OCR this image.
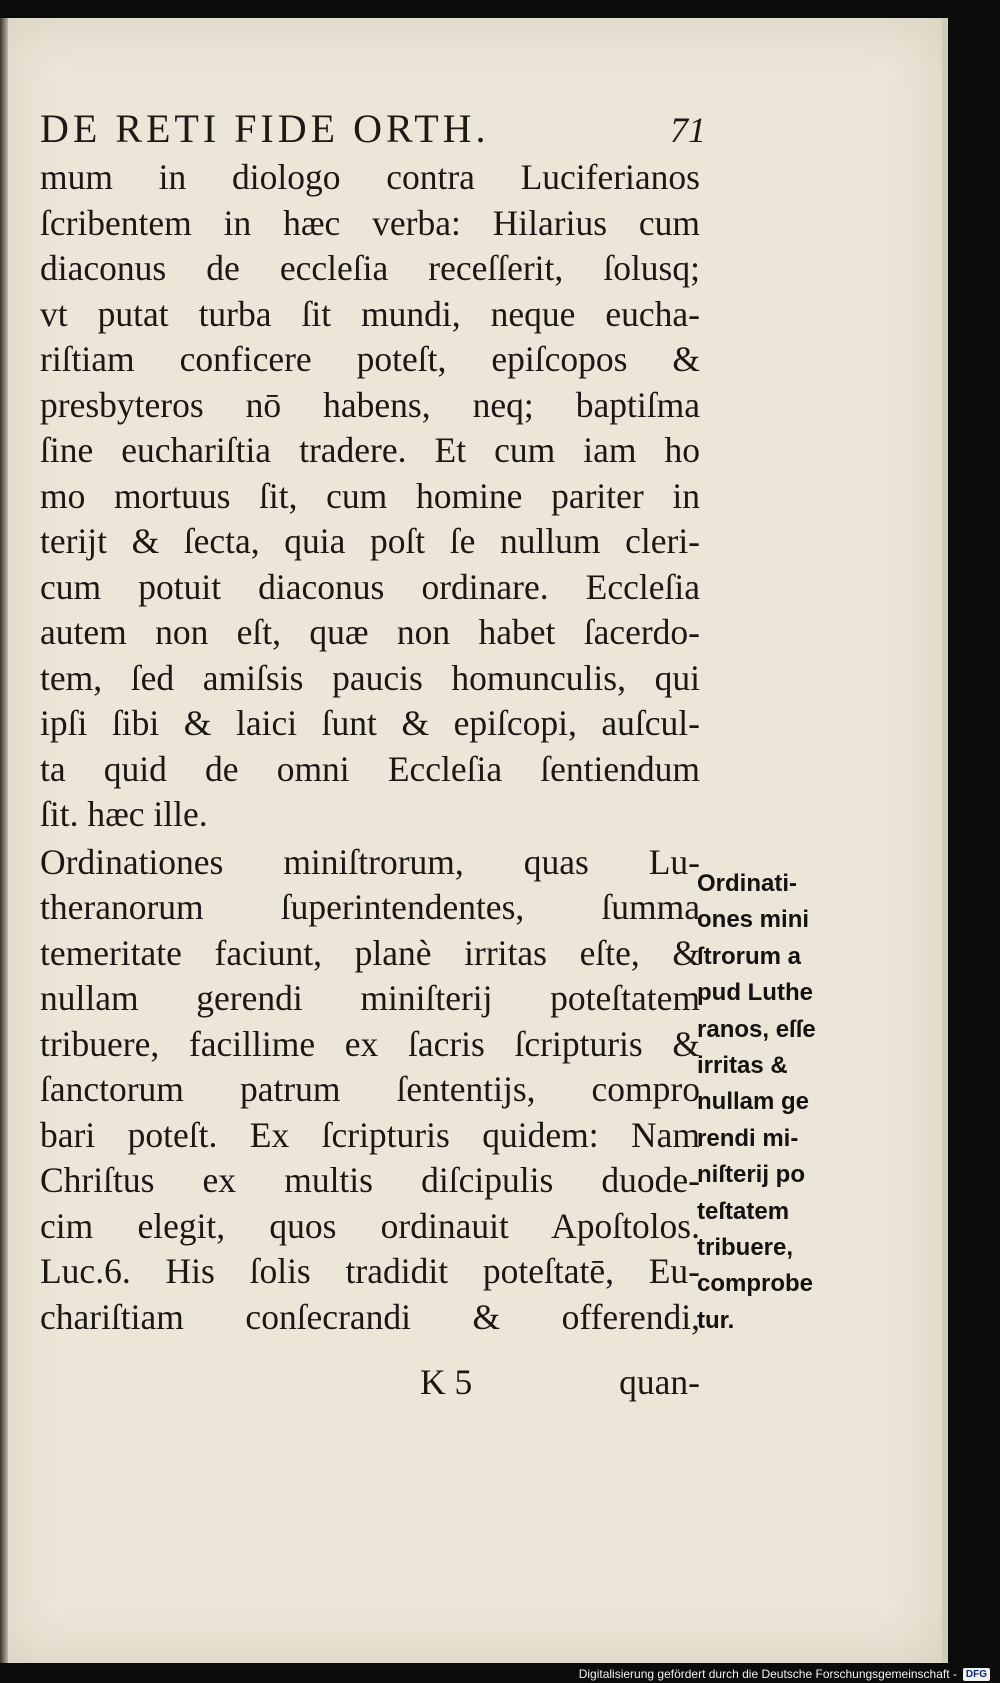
DE RETI FIDE ORTH.	71
mum in diologo contra Luciferianos
ſcribentem in hæc verba: Hilarius cum
diaconus de eccleſia receſſerit, ſolusq;
vt putat turba ſit mundi, neque eucha-
riſtiam conficere poteſt, epiſcopos &
presbyteros nō habens, neq; baptiſma
ſine euchariſtia tradere. Et cum iam ho
mo mortuus ſit, cum homine pariter in
terijt & ſecta, quia poſt ſe nullum cleri-
cum potuit diaconus ordinare. Eccleſia
autem non eſt, quæ non habet ſacerdo-
tem, ſed amiſsis paucis homunculis, qui
ipſi ſibi & laici ſunt & epiſcopi, auſcul-
ta quid de omni Eccleſia ſentiendum
ſit. hæc ille.
Ordinationes miniſtrorum, quas Lu-
theranorum ſuperintendentes, ſumma
temeritate faciunt, planè irritas eſte, &
nullam gerendi miniſterij poteſtatem
tribuere, facillime ex ſacris ſcripturis &
ſanctorum patrum ſententijs, compro
bari poteſt. Ex ſcripturis quidem: Nam
Chriſtus ex multis diſcipulis duode-
cim elegit, quos ordinauit Apoſtolos.
Luc.6. His ſolis tradidit poteſtatē, Eu-
chariſtiam conſecrandi & offerendi,
Ordinati-
ones mini
ſtrorum a
pud Luthe
ranos, eſſe
irritas &
nullam ge
rendi mi-
niſterij po
teſtatem
tribuere,
comprobe
tur.
K 5	quan-
Digitalisierung gefördert durch die Deutsche Forschungsgemeinschaft - DFG
